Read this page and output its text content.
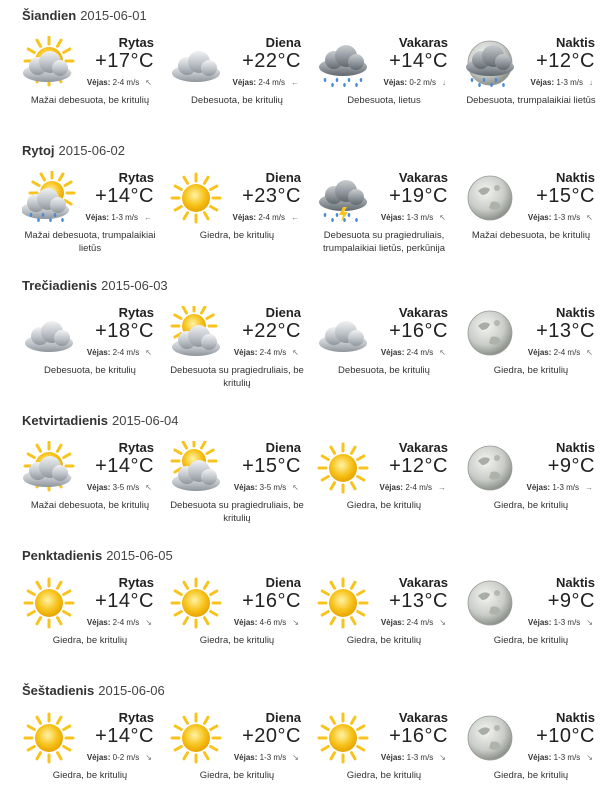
Šiandien 2015-06-01
Rytas
+17°C
Vėjas: 2-4 m/s ↖
Mažai debesuota, be kritulių
Diena
+22°C
Vėjas: 2-4 m/s ←
Debesuota, be kritulių
Vakaras
+14°C
Vėjas: 0-2 m/s ↓
Debesuota, lietus
Naktis
+12°C
Vėjas: 1-3 m/s ↓
Debesuota, trumpalaikiai lietūs
Rytoj 2015-06-02
Rytas
+14°C
Vėjas: 1-3 m/s ←
Mažai debesuota, trumpalaikiai lietūs
Diena
+23°C
Vėjas: 2-4 m/s ←
Giedra, be kritulių
Vakaras
+19°C
Vėjas: 1-3 m/s ↖
Debesuota su pragiedruliais, trumpalaikiai lietūs, perkūnija
Naktis
+15°C
Vėjas: 1-3 m/s ↖
Mažai debesuota, be kritulių
Trečiadienis 2015-06-03
Rytas
+18°C
Vėjas: 2-4 m/s ↖
Debesuota, be kritulių
Diena
+22°C
Vėjas: 2-4 m/s ↖
Debesuota su pragiedruliais, be kritulių
Vakaras
+16°C
Vėjas: 2-4 m/s ↖
Debesuota, be kritulių
Naktis
+13°C
Vėjas: 2-4 m/s ↖
Giedra, be kritulių
Ketvirtadienis 2015-06-04
Rytas
+14°C
Vėjas: 3-5 m/s ↖
Mažai debesuota, be kritulių
Diena
+15°C
Vėjas: 3-5 m/s ↖
Debesuota su pragiedruliais, be kritulių
Vakaras
+12°C
Vėjas: 2-4 m/s →
Giedra, be kritulių
Naktis
+9°C
Vėjas: 1-3 m/s →
Giedra, be kritulių
Penktadienis 2015-06-05
Rytas
+14°C
Vėjas: 2-4 m/s ↘
Giedra, be kritulių
Diena
+16°C
Vėjas: 4-6 m/s ↘
Giedra, be kritulių
Vakaras
+13°C
Vėjas: 2-4 m/s ↘
Giedra, be kritulių
Naktis
+9°C
Vėjas: 1-3 m/s ↘
Giedra, be kritulių
Šeštadienis 2015-06-06
Rytas
+14°C
Vėjas: 0-2 m/s ↘
Giedra, be kritulių
Diena
+20°C
Vėjas: 1-3 m/s ↘
Giedra, be kritulių
Vakaras
+16°C
Vėjas: 1-3 m/s ↘
Giedra, be kritulių
Naktis
+10°C
Vėjas: 1-3 m/s ↘
Giedra, be kritulių
